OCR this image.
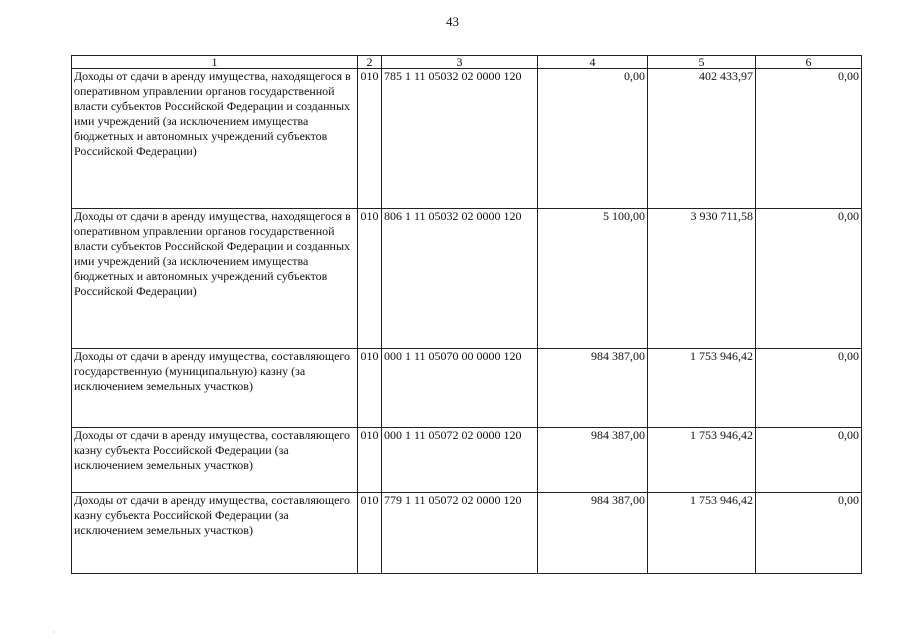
43
1	2	3	4	5	6
Доходы от сдачи в аренду имущества, находящегося в оперативном управлении органов государственной власти субъектов Российской Федерации и созданных ими учреждений (за исключением имущества бюджетных и автономных учреждений субъектов Российской Федерации)	010	785 1 11 05032 02 0000 120	0,00	402 433,97	0,00
Доходы от сдачи в аренду имущества, находящегося в оперативном управлении органов государственной власти субъектов Российской Федерации и созданных ими учреждений (за исключением имущества бюджетных и автономных учреждений субъектов Российской Федерации)	010	806 1 11 05032 02 0000 120	5 100,00	3 930 711,58	0,00
Доходы от сдачи в аренду имущества, составляющего государственную (муниципальную) казну (за исключением земельных участков)	010	000 1 11 05070 00 0000 120	984 387,00	1 753 946,42	0,00
Доходы от сдачи в аренду имущества, составляющего казну субъекта Российской Федерации (за исключением земельных участков)	010	000 1 11 05072 02 0000 120	984 387,00	1 753 946,42	0,00
Доходы от сдачи в аренду имущества, составляющего казну субъекта Российской Федерации (за исключением земельных участков)	010	779 1 11 05072 02 0000 120	984 387,00	1 753 946,42	0,00
·
